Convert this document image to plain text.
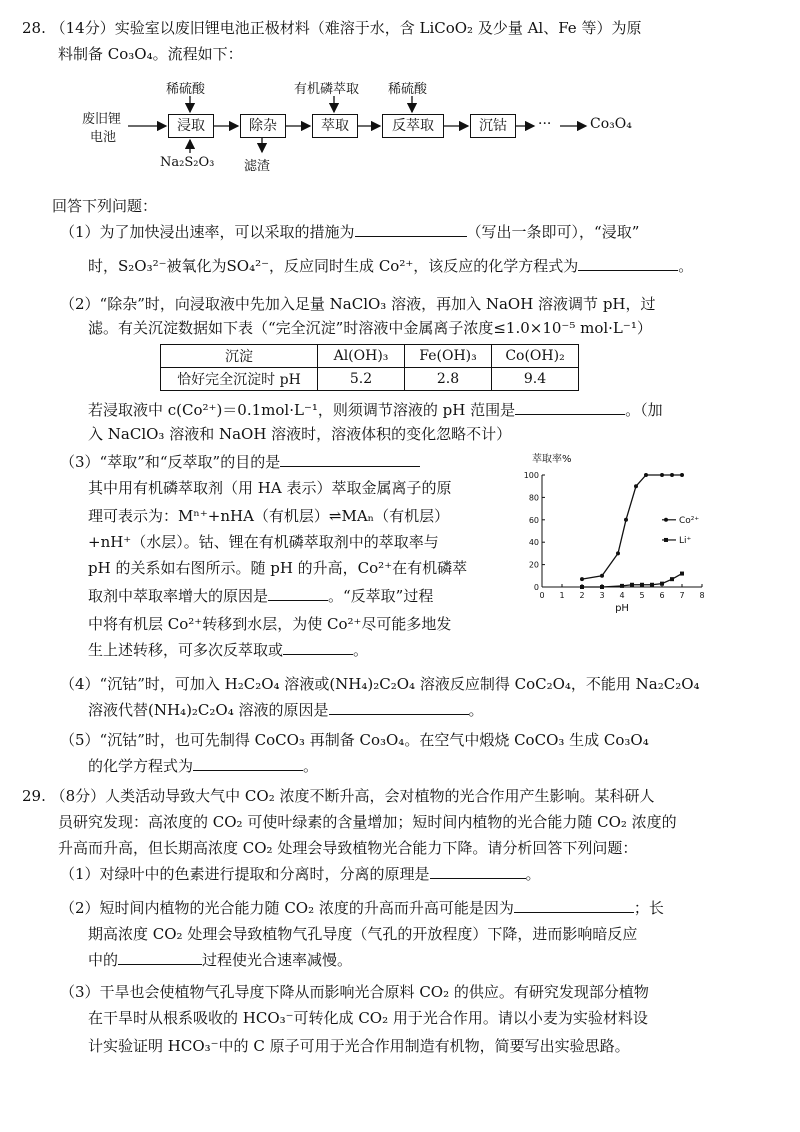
28. （14分）实验室以废旧锂电池正极材料（难溶于水，含 LiCoO₂ 及少量 Al、Fe 等）为原
料制备 Co₃O₄。流程如下：
废旧锂
电池
稀硫酸
Na₂S₂O₃ 滤渣
有机磷萃取 稀硫酸
浸取	除杂	萃取	反萃取	沉钴	···	Co₃O₄
回答下列问题：
（1）为了加快浸出速率，可以采取的措施为	（写出一条即可），“浸取”
时，S₂O₃²⁻被氧化为SO₄²⁻，反应同时生成 Co²⁺，该反应的化学方程式为	。
（2）“除杂”时，向浸取液中先加入足量 NaClO₃ 溶液，再加入 NaOH 溶液调节 pH，过
滤。有关沉淀数据如下表（“完全沉淀”时溶液中金属离子浓度≤1.0×10⁻⁵ mol·L⁻¹）
沉淀	Al(OH)₃	Fe(OH)₃	Co(OH)₂
恰好完全沉淀时 pH	5.2	2.8	9.4
若浸取液中 c(Co²⁺)＝0.1mol·L⁻¹，则须调节溶液的 pH 范围是	。（加
入 NaClO₃ 溶液和 NaOH 溶液时，溶液体积的变化忽略不计）
（3）“萃取”和“反萃取”的目的是
其中用有机磷萃取剂（用 HA 表示）萃取金属离子的原
理可表示为：Mⁿ⁺+nHA（有机层）⇌MAₙ（有机层）
+nH⁺（水层）。钴、锂在有机磷萃取剂中的萃取率与
pH 的关系如右图所示。随 pH 的升高，Co²⁺在有机磷萃
取剂中萃取率增大的原因是	。“反萃取”过程
中将有机层 Co²⁺转移到水层，为使 Co²⁺尽可能多地发
生上述转移，可多次反萃取或	。
萃取率%
0 1 2 3 4 5 6 7 8
0
20
40
60
80
100
pH
Co²⁺
Li⁺
（4）“沉钴”时，可加入 H₂C₂O₄ 溶液或(NH₄)₂C₂O₄ 溶液反应制得 CoC₂O₄，不能用 Na₂C₂O₄
溶液代替(NH₄)₂C₂O₄ 溶液的原因是	。
（5）“沉钴”时，也可先制得 CoCO₃ 再制备 Co₃O₄。在空气中煅烧 CoCO₃ 生成 Co₃O₄
的化学方程式为	。
29. （8分）人类活动导致大气中 CO₂ 浓度不断升高，会对植物的光合作用产生影响。某科研人
员研究发现：高浓度的 CO₂ 可使叶绿素的含量增加；短时间内植物的光合能力随 CO₂ 浓度的
升高而升高，但长期高浓度 CO₂ 处理会导致植物光合能力下降。请分析回答下列问题：
（1）对绿叶中的色素进行提取和分离时，分离的原理是	。
（2）短时间内植物的光合能力随 CO₂ 浓度的升高而升高可能是因为	；长
期高浓度 CO₂ 处理会导致植物气孔导度（气孔的开放程度）下降，进而影响暗反应
中的	过程使光合速率减慢。
（3）干旱也会使植物气孔导度下降从而影响光合原料 CO₂ 的供应。有研究发现部分植物
在干旱时从根系吸收的 HCO₃⁻可转化成 CO₂ 用于光合作用。请以小麦为实验材料设
计实验证明 HCO₃⁻中的 C 原子可用于光合作用制造有机物，简要写出实验思路。
